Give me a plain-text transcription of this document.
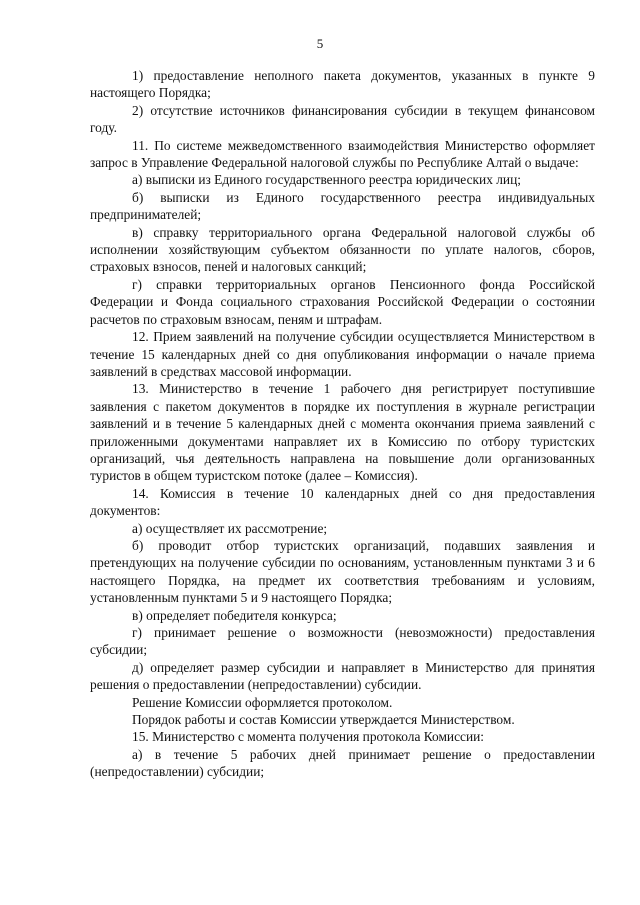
5

1) предоставление неполного пакета документов, указанных в пункте 9 настоящего Порядка;

2) отсутствие источников финансирования субсидии в текущем финансовом году.

11. По системе межведомственного взаимодействия Министерство оформляет запрос в Управление Федеральной налоговой службы по Республике Алтай о выдаче:

а) выписки из Единого государственного реестра юридических лиц;

б) выписки из Единого государственного реестра индивидуальных предпринимателей;

в) справку территориального органа Федеральной налоговой службы об исполнении хозяйствующим субъектом обязанности по уплате налогов, сборов, страховых взносов, пеней и налоговых санкций;

г) справки территориальных органов Пенсионного фонда Российской Федерации и Фонда социального страхования Российской Федерации о состоянии расчетов по страховым взносам, пеням и штрафам.

12. Прием заявлений на получение субсидии осуществляется Министерством в течение 15 календарных дней со дня опубликования информации о начале приема заявлений в средствах массовой информации.

13. Министерство в течение 1 рабочего дня регистрирует поступившие заявления с пакетом документов в порядке их поступления в журнале регистрации заявлений и в течение 5 календарных дней с момента окончания приема заявлений с приложенными документами направляет их в Комиссию по отбору туристских организаций, чья деятельность направлена на повышение доли организованных туристов в общем туристском потоке (далее – Комиссия).

14. Комиссия в течение 10 календарных дней со дня предоставления документов:

а) осуществляет их рассмотрение;

б) проводит отбор туристских организаций, подавших заявления и претендующих на получение субсидии по основаниям, установленным пунктами 3 и 6 настоящего Порядка, на предмет их соответствия требованиям и условиям, установленным пунктами 5 и 9 настоящего Порядка;

в) определяет победителя конкурса;

г) принимает решение о возможности (невозможности) предоставления субсидии;

д) определяет размер субсидии и направляет в Министерство для принятия решения о предоставлении (непредоставлении) субсидии.

Решение Комиссии оформляется протоколом.

Порядок работы и состав Комиссии утверждается Министерством.

15. Министерство с момента получения протокола Комиссии:

а) в течение 5 рабочих дней принимает решение о предоставлении (непредоставлении) субсидии;
